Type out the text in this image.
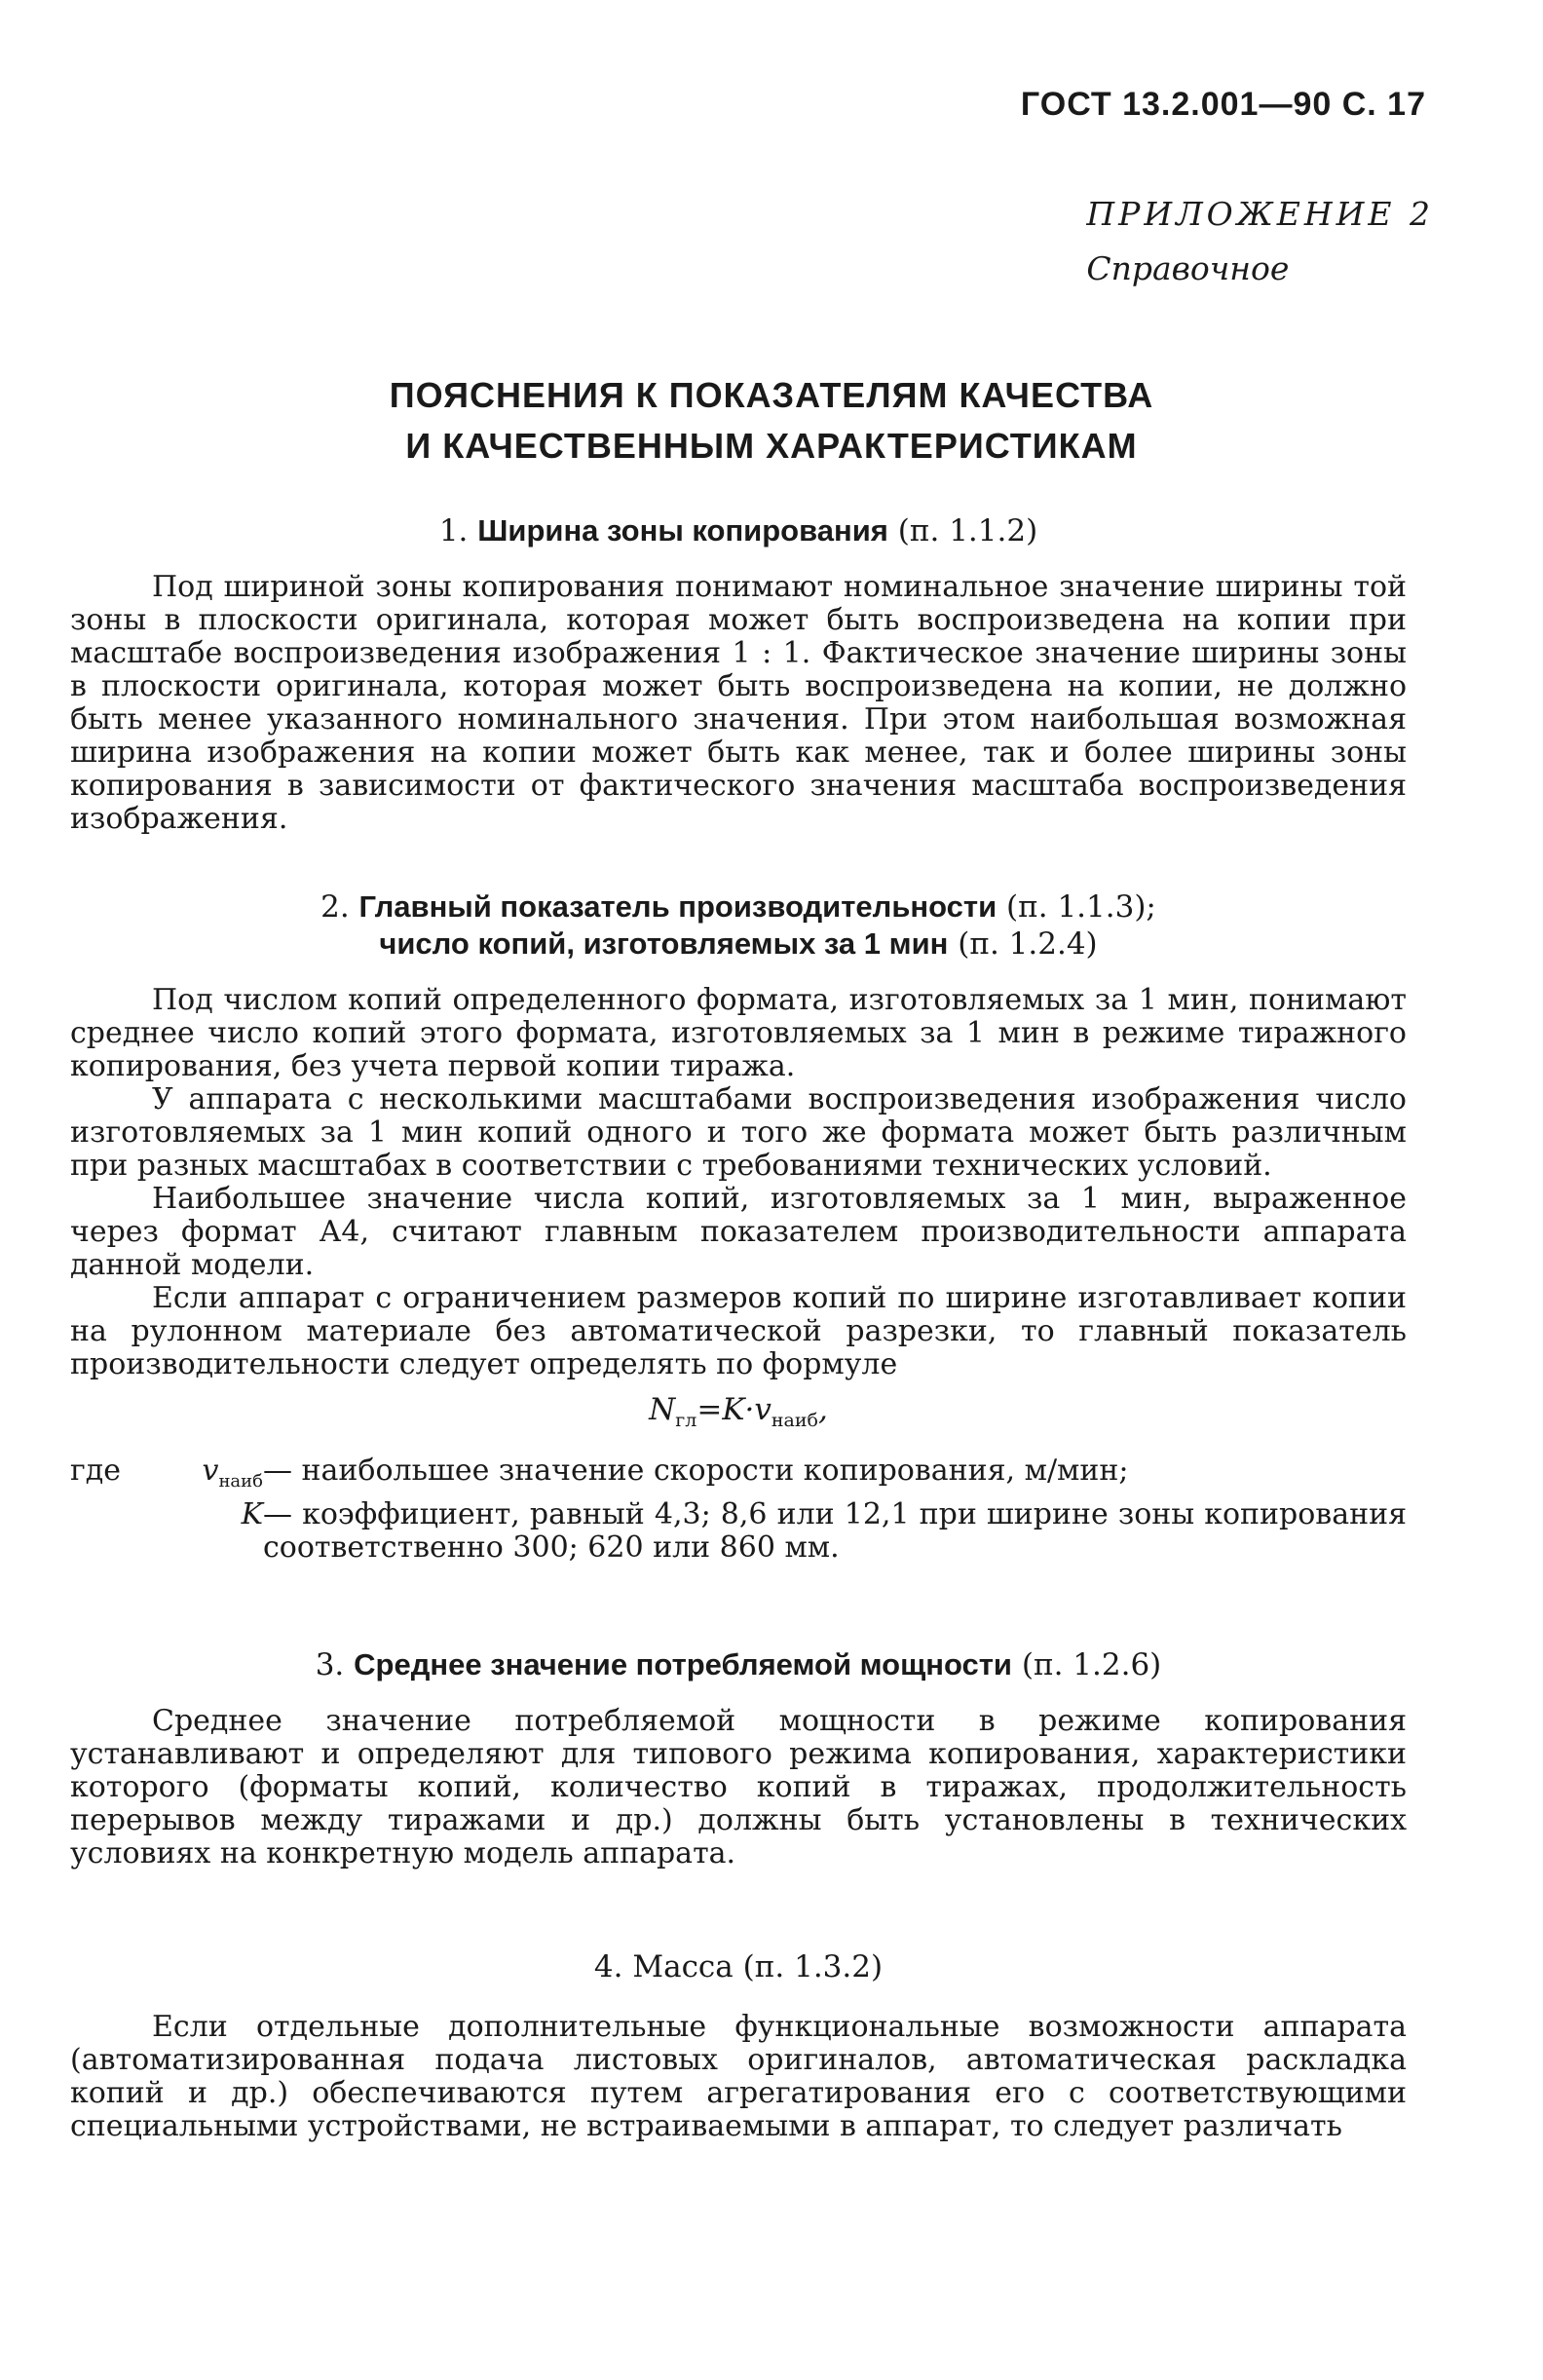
ГОСТ 13.2.001—90 С. 17
ПРИЛОЖЕНИЕ 2
Справочное
ПОЯСНЕНИЯ К ПОКАЗАТЕЛЯМ КАЧЕСТВА
И КАЧЕСТВЕННЫМ ХАРАКТЕРИСТИКАМ
1. Ширина зоны копирования (п. 1.1.2)

Под шириной зоны копирования понимают номинальное значение ширины той зоны в плоскости оригинала, которая может быть воспроизведена на копии при масштабе воспроизведения изображения 1 : 1. Фактическое значение ширины зоны в плоскости оригинала, которая может быть воспроизведена на копии, не должно быть менее указанного номинального значения. При этом наибольшая возможная ширина изображения на копии может быть как менее, так и более ширины зоны копирования в зависимости от фактического значения масштаба воспроизведения изображения.

2. Главный показатель производительности (п. 1.1.3);
число копий, изготовляемых за 1 мин (п. 1.2.4)

Под числом копий определенного формата, изготовляемых за 1 мин, понимают среднее число копий этого формата, изготовляемых за 1 мин в режиме тиражного копирования, без учета первой копии тиража.

У аппарата с несколькими масштабами воспроизведения изображения число изготовляемых за 1 мин копий одного и того же формата может быть различным при разных масштабах в соответствии с требованиями технических условий.

Наибольшее значение числа копий, изготовляемых за 1 мин, выраженное через формат А4, считают главным показателем производительности аппарата данной модели.

Если аппарат с ограничением размеров копий по ширине изготавливает копии на рулонном материале без автоматической разрезки, то главный показатель производительности следует определять по формуле

$N_{гл}=K\cdot v_{наиб}$,
где	$v_{наиб}$ — наибольшее значение скорости копирования, м/мин;
K — коэффициент, равный 4,3; 8,6 или 12,1 при ширине зоны копирования соответственно 300; 620 или 860 мм.
3. Среднее значение потребляемой мощности (п. 1.2.6)

Среднее значение потребляемой мощности в режиме копирования устанавливают и определяют для типового режима копирования, характеристики которого (форматы копий, количество копий в тиражах, продолжительность перерывов между тиражами и др.) должны быть установлены в технических условиях на конкретную модель аппарата.

4. Масса (п. 1.3.2)

Если отдельные дополнительные функциональные возможности аппарата (автоматизированная подача листовых оригиналов, автоматическая раскладка копий и др.) обеспечиваются путем агрегатирования его с соответствующими специальными устройствами, не встраиваемыми в аппарат, то следует различать
